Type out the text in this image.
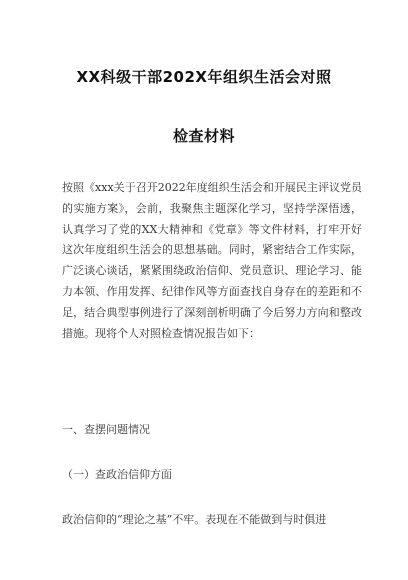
XX科级干部202X年组织生活会对照
检查材料
按照《xxx关于召开2022年度组织生活会和开展民主评议党员的实施方案》，会前，我聚焦主题深化学习，坚持学深悟透，认真学习了党的XX大精神和《党章》等文件材料，打牢开好这次年度组织生活会的思想基础。同时，紧密结合工作实际，广泛谈心谈话，紧紧围绕政治信仰、党员意识、理论学习、能力本领、作用发挥、纪律作风等方面查找自身存在的差距和不足，结合典型事例进行了深刻剖析明确了今后努力方向和整改措施。现将个人对照检查情况报告如下：
一、查摆问题情况
（一）查政治信仰方面
政治信仰的“理论之基”不牢。表现在不能做到与时俱进
